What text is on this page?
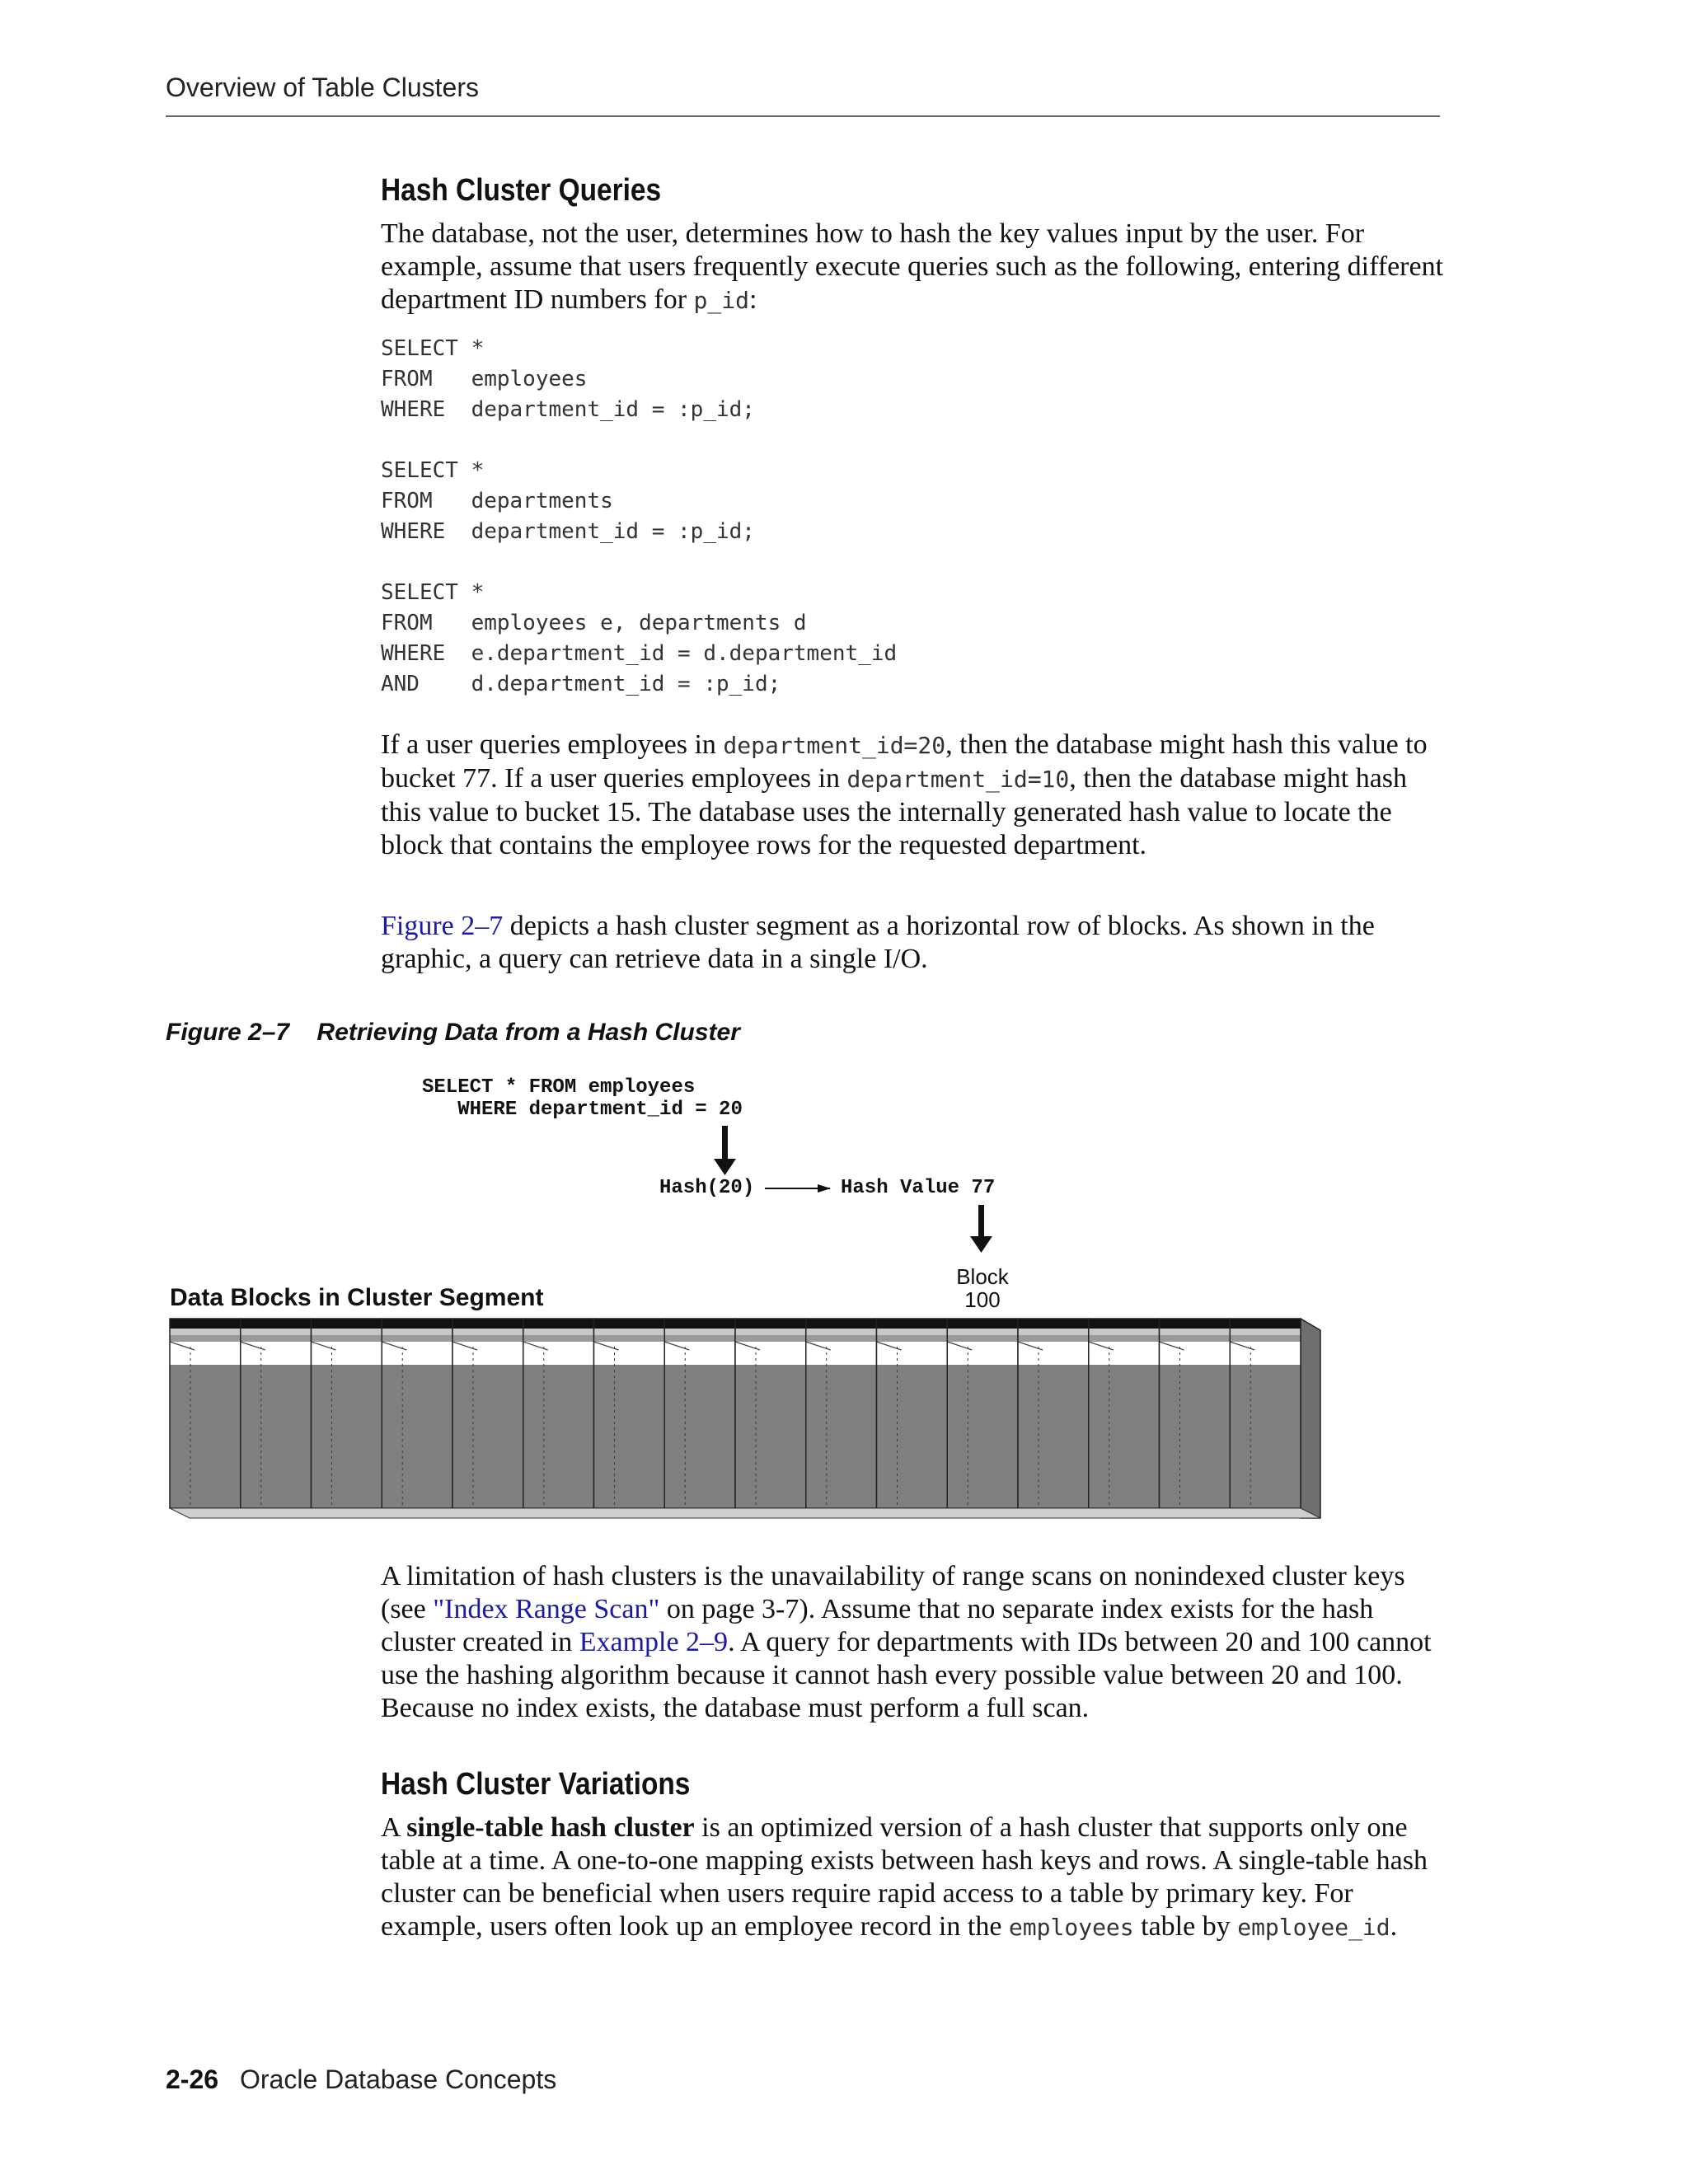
Overview of Table Clusters
Hash Cluster Queries

The database, not the user, determines how to hash the key values input by the user. For example, assume that users frequently execute queries such as the following, entering different department ID numbers for p_id:

SELECT *
FROM   employees
WHERE  department_id = :p_id;

SELECT *
FROM   departments
WHERE  department_id = :p_id;

SELECT *
FROM   employees e, departments d
WHERE  e.department_id = d.department_id
AND    d.department_id = :p_id;

If a user queries employees in department_id=20, then the database might hash this value to bucket 77. If a user queries employees in department_id=10, then the database might hash this value to bucket 15. The database uses the internally generated hash value to locate the block that contains the employee rows for the requested department.

Figure 2–7 depicts a hash cluster segment as a horizontal row of blocks. As shown in the graphic, a query can retrieve data in a single I/O.

Figure 2–7    Retrieving Data from a Hash Cluster
SELECT * FROM employees
WHERE department_id = 20
Hash(20)	Hash Value 77
Block
100
Data Blocks in Cluster Segment

A limitation of hash clusters is the unavailability of range scans on nonindexed cluster keys (see "Index Range Scan" on page 3-7). Assume that no separate index exists for the hash cluster created in Example 2–9. A query for departments with IDs between 20 and 100 cannot use the hashing algorithm because it cannot hash every possible value between 20 and 100. Because no index exists, the database must perform a full scan.

Hash Cluster Variations

A single-table hash cluster is an optimized version of a hash cluster that supports only one table at a time. A one-to-one mapping exists between hash keys and rows. A single-table hash cluster can be beneficial when users require rapid access to a table by primary key. For example, users often look up an employee record in the employees table by employee_id.

2-26 Oracle Database Concepts
